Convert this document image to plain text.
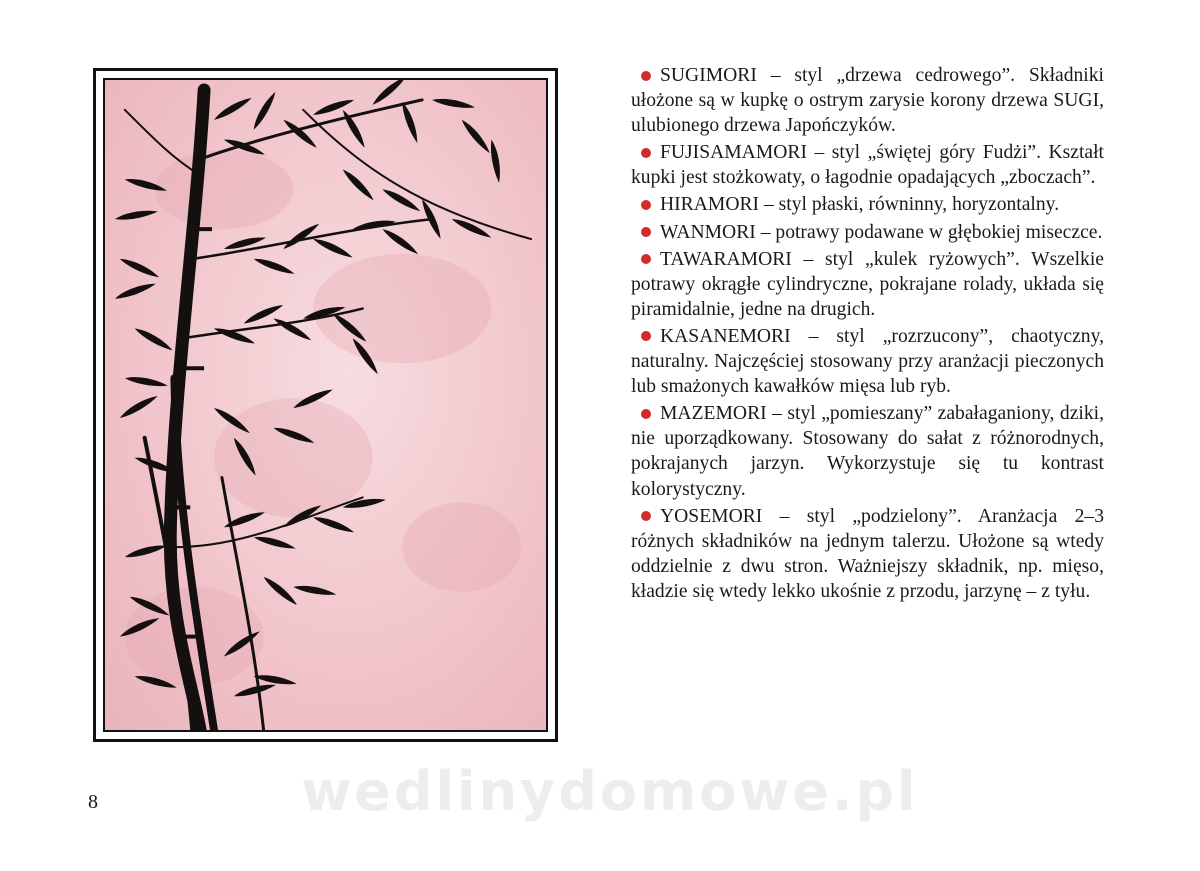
SUGIMORI – styl „drzewa cedrowego”. Składniki ułożone są w kupkę o ostrym zarysie korony drzewa SUGI, ulubionego drzewa Japończyków.

FUJISAMAMORI – styl „świętej góry Fudżi”. Kształt kupki jest stożkowaty, o łagodnie opadających „zboczach”.

HIRAMORI – styl płaski, równinny, horyzontalny.

WANMORI – potrawy podawane w głębokiej miseczce.

TAWARAMORI – styl „kulek ryżowych”. Wszelkie potrawy okrągłe cylindryczne, pokrajane rolady, układa się piramidalnie, jedne na drugich.

KASANEMORI – styl „rozrzucony”, chaotyczny, naturalny. Najczęściej stosowany przy aranżacji pieczonych lub smażonych kawałków mięsa lub ryb.

MAZEMORI – styl „pomieszany” zabałaganiony, dziki, nie uporządkowany. Stosowany do sałat z różnorodnych, pokrajanych jarzyn. Wykorzystuje się tu kontrast kolorystyczny.

YOSEMORI – styl „podzielony”. Aranżacja 2–3 różnych składników na jednym talerzu. Ułożone są wtedy oddzielnie z dwu stron. Ważniejszy składnik, np. mięso, kładzie się wtedy lekko ukośnie z przodu, jarzynę – z tyłu.

8	wedlinydomowe.pl
